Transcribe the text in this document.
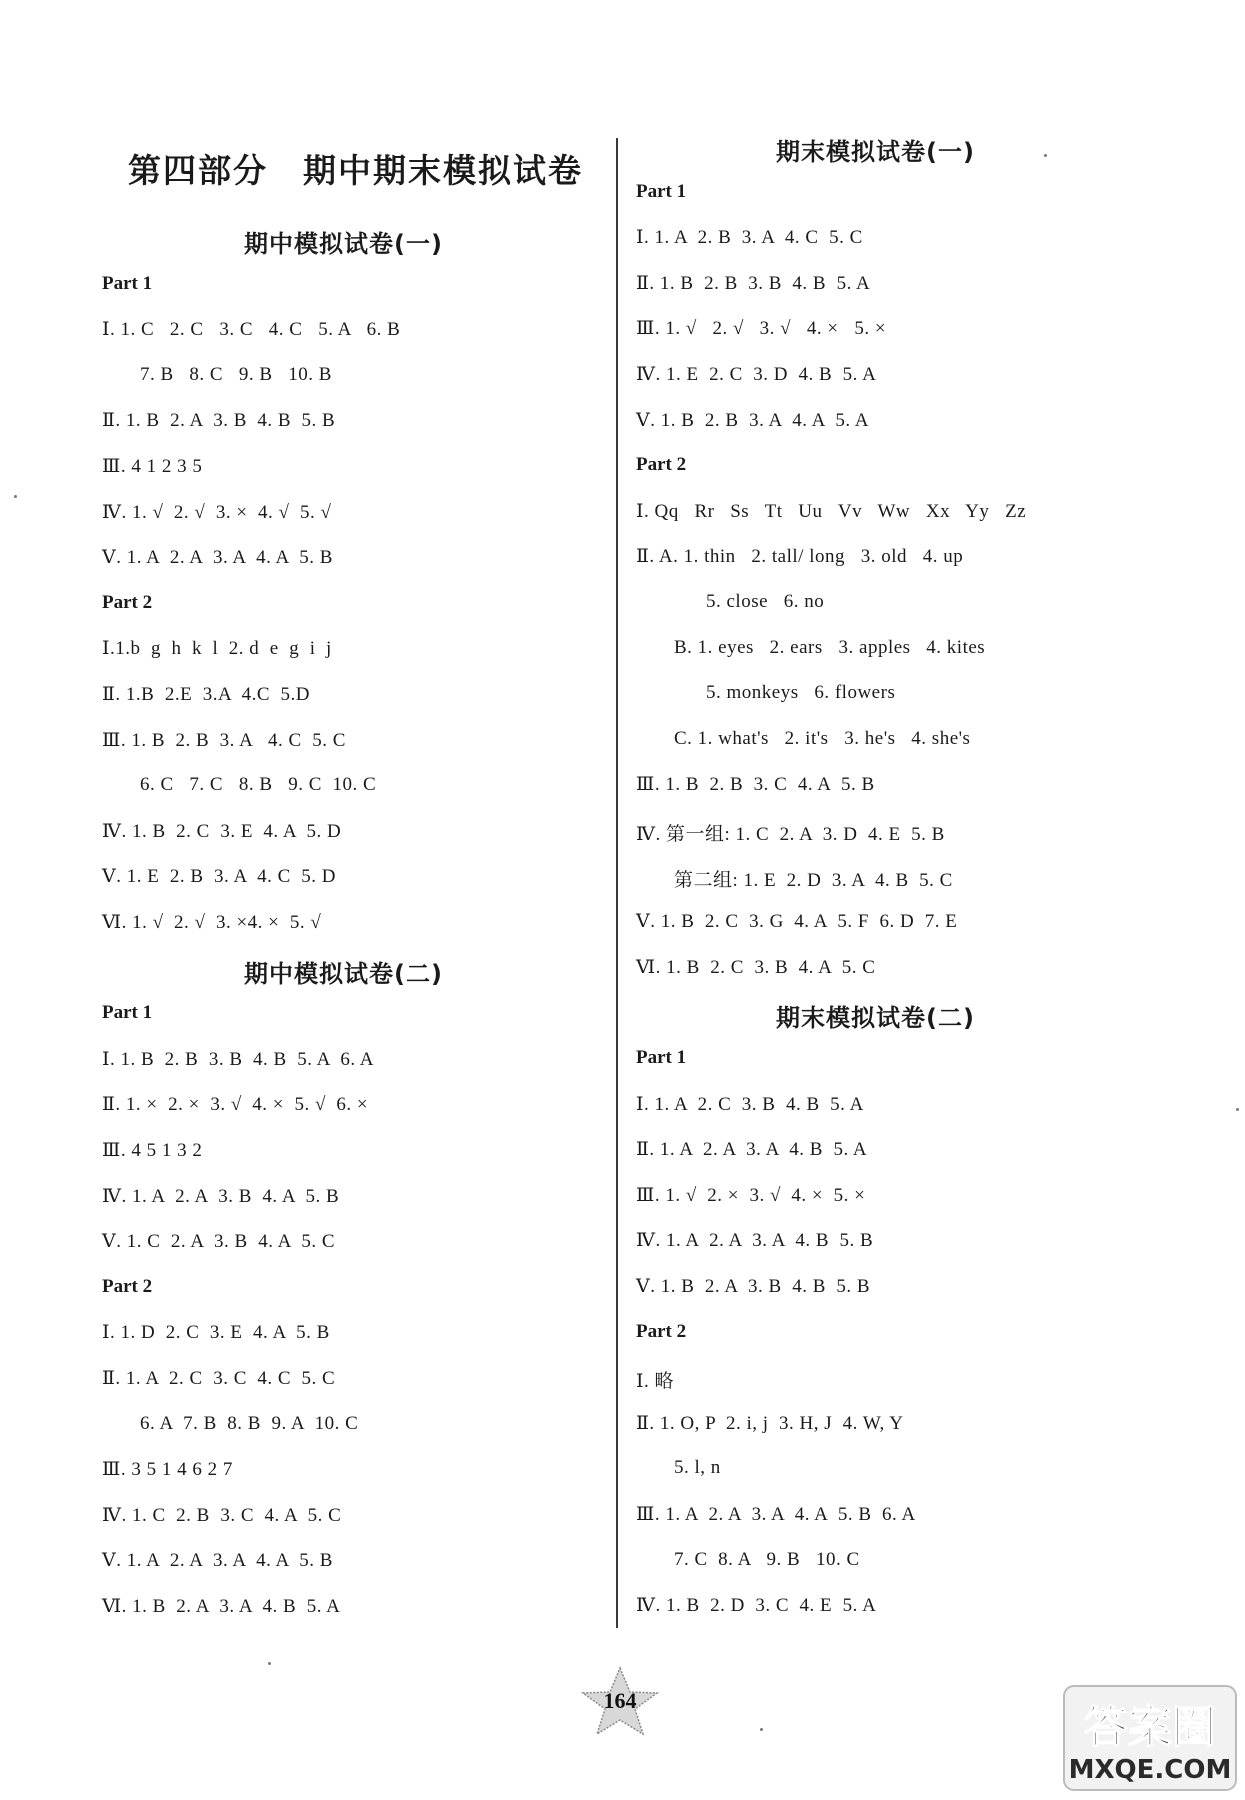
第四部分　期中期末模拟试卷
期中模拟试卷(一)
Part 1
Ⅰ. 1. C   2. C   3. C   4. C   5. A   6. B
7. B   8. C   9. B   10. B
Ⅱ. 1. B  2. A  3. B  4. B  5. B
Ⅲ. 4 1 2 3 5
Ⅳ. 1. √  2. √  3. ×  4. √  5. √
Ⅴ. 1. A  2. A  3. A  4. A  5. B
Part 2
Ⅰ.1.b  g  h  k  l  2. d  e  g  i  j
Ⅱ. 1.B  2.E  3.A  4.C  5.D
Ⅲ. 1. B  2. B  3. A   4. C  5. C
6. C   7. C   8. B   9. C  10. C
Ⅳ. 1. B  2. C  3. E  4. A  5. D
Ⅴ. 1. E  2. B  3. A  4. C  5. D
Ⅵ. 1. √  2. √  3. ×4. ×  5. √
期中模拟试卷(二)
Part 1
Ⅰ. 1. B  2. B  3. B  4. B  5. A  6. A
Ⅱ. 1. ×  2. ×  3. √  4. ×  5. √  6. ×
Ⅲ. 4 5 1 3 2
Ⅳ. 1. A  2. A  3. B  4. A  5. B
Ⅴ. 1. C  2. A  3. B  4. A  5. C
Part 2
Ⅰ. 1. D  2. C  3. E  4. A  5. B
Ⅱ. 1. A  2. C  3. C  4. C  5. C
6. A  7. B  8. B  9. A  10. C
Ⅲ. 3 5 1 4 6 2 7
Ⅳ. 1. C  2. B  3. C  4. A  5. C
Ⅴ. 1. A  2. A  3. A  4. A  5. B
Ⅵ. 1. B  2. A  3. A  4. B  5. A
期末模拟试卷(一)
Part 1
Ⅰ. 1. A  2. B  3. A  4. C  5. C
Ⅱ. 1. B  2. B  3. B  4. B  5. A
Ⅲ. 1. √   2. √   3. √   4. ×   5. ×
Ⅳ. 1. E  2. C  3. D  4. B  5. A
Ⅴ. 1. B  2. B  3. A  4. A  5. A
Part 2
Ⅰ. Qq   Rr   Ss   Tt   Uu   Vv   Ww   Xx   Yy   Zz
Ⅱ. A. 1. thin   2. tall/ long   3. old   4. up
5. close   6. no
B. 1. eyes   2. ears   3. apples   4. kites
5. monkeys   6. flowers
C. 1. what's   2. it's   3. he's   4. she's
Ⅲ. 1. B  2. B  3. C  4. A  5. B
Ⅳ. 第一组: 1. C  2. A  3. D  4. E  5. B
第二组: 1. E  2. D  3. A  4. B  5. C
Ⅴ. 1. B  2. C  3. G  4. A  5. F  6. D  7. E
Ⅵ. 1. B  2. C  3. B  4. A  5. C
期末模拟试卷(二)
Part 1
Ⅰ. 1. A  2. C  3. B  4. B  5. A
Ⅱ. 1. A  2. A  3. A  4. B  5. A
Ⅲ. 1. √  2. ×  3. √  4. ×  5. ×
Ⅳ. 1. A  2. A  3. A  4. B  5. B
Ⅴ. 1. B  2. A  3. B  4. B  5. B
Part 2
Ⅰ. 略
Ⅱ. 1. O, P  2. i, j  3. H, J  4. W, Y
5. l, n
Ⅲ. 1. A  2. A  3. A  4. A  5. B  6. A
7. C  8. A   9. B   10. C
Ⅳ. 1. B  2. D  3. C  4. E  5. A
164
答案圈
MXQE.COM
